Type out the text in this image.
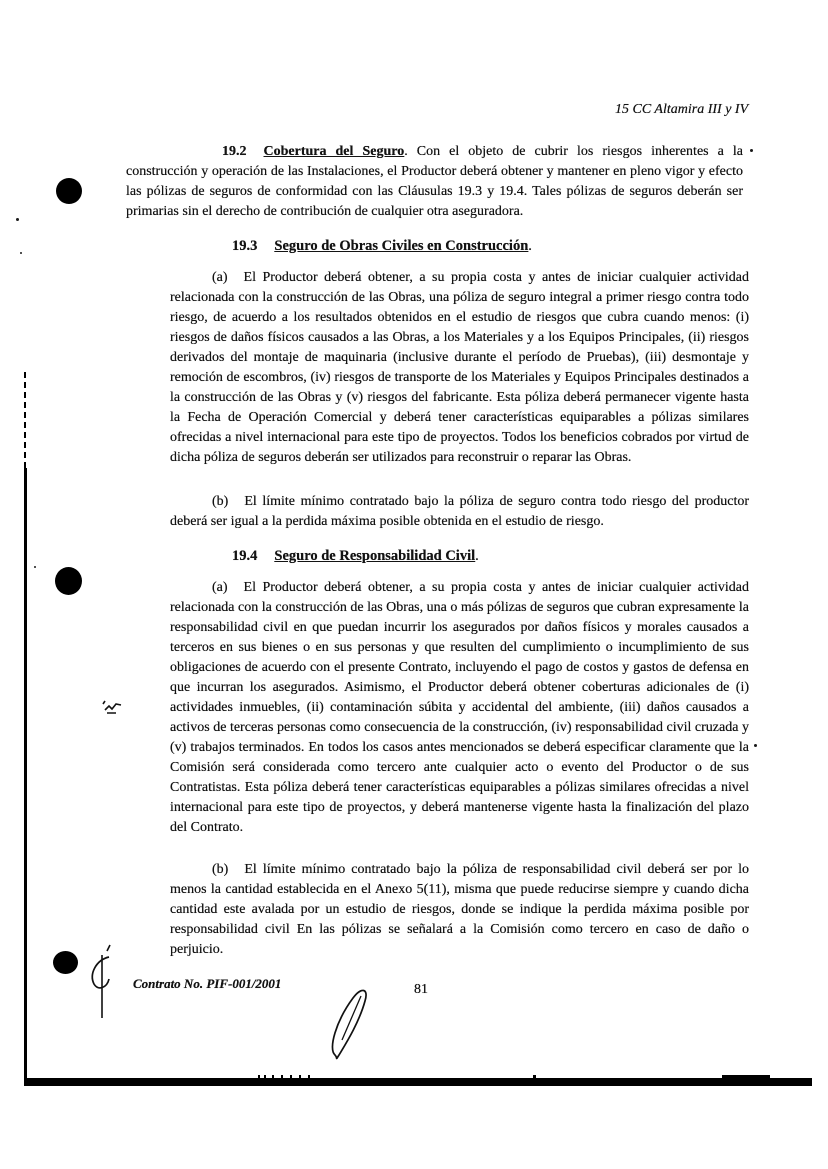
15 CC Altamira III y IV
19.2 Cobertura del Seguro. Con el objeto de cubrir los riesgos inherentes a la construcción y operación de las Instalaciones, el Productor deberá obtener y mantener en pleno vigor y efecto las pólizas de seguros de conformidad con las Cláusulas 19.3 y 19.4. Tales pólizas de seguros deberán ser primarias sin el derecho de contribución de cualquier otra aseguradora.
19.3 Seguro de Obras Civiles en Construcción.
(a) El Productor deberá obtener, a su propia costa y antes de iniciar cualquier actividad relacionada con la construcción de las Obras, una póliza de seguro integral a primer riesgo contra todo riesgo, de acuerdo a los resultados obtenidos en el estudio de riesgos que cubra cuando menos: (i) riesgos de daños físicos causados a las Obras, a los Materiales y a los Equipos Principales, (ii) riesgos derivados del montaje de maquinaria (inclusive durante el período de Pruebas), (iii) desmontaje y remoción de escombros, (iv) riesgos de transporte de los Materiales y Equipos Principales destinados a la construcción de las Obras y (v) riesgos del fabricante. Esta póliza deberá permanecer vigente hasta la Fecha de Operación Comercial y deberá tener características equiparables a pólizas similares ofrecidas a nivel internacional para este tipo de proyectos. Todos los beneficios cobrados por virtud de dicha póliza de seguros deberán ser utilizados para reconstruir o reparar las Obras.
(b) El límite mínimo contratado bajo la póliza de seguro contra todo riesgo del productor deberá ser igual a la perdida máxima posible obtenida en el estudio de riesgo.
19.4 Seguro de Responsabilidad Civil.
(a) El Productor deberá obtener, a su propia costa y antes de iniciar cualquier actividad relacionada con la construcción de las Obras, una o más pólizas de seguros que cubran expresamente la responsabilidad civil en que puedan incurrir los asegurados por daños físicos y morales causados a terceros en sus bienes o en sus personas y que resulten del cumplimiento o incumplimiento de sus obligaciones de acuerdo con el presente Contrato, incluyendo el pago de costos y gastos de defensa en que incurran los asegurados. Asimismo, el Productor deberá obtener coberturas adicionales de (i) actividades inmuebles, (ii) contaminación súbita y accidental del ambiente, (iii) daños causados a activos de terceras personas como consecuencia de la construcción, (iv) responsabilidad civil cruzada y (v) trabajos terminados. En todos los casos antes mencionados se deberá especificar claramente que la Comisión será considerada como tercero ante cualquier acto o evento del Productor o de sus Contratistas. Esta póliza deberá tener características equiparables a pólizas similares ofrecidas a nivel internacional para este tipo de proyectos, y deberá mantenerse vigente hasta la finalización del plazo del Contrato.
(b) El límite mínimo contratado bajo la póliza de responsabilidad civil deberá ser por lo menos la cantidad establecida en el Anexo 5(11), misma que puede reducirse siempre y cuando dicha cantidad este avalada por un estudio de riesgos, donde se indique la perdida máxima posible por responsabilidad civil En las pólizas se señalará a la Comisión como tercero en caso de daño o perjuicio.
Contrato No. PIF-001/2001	81
